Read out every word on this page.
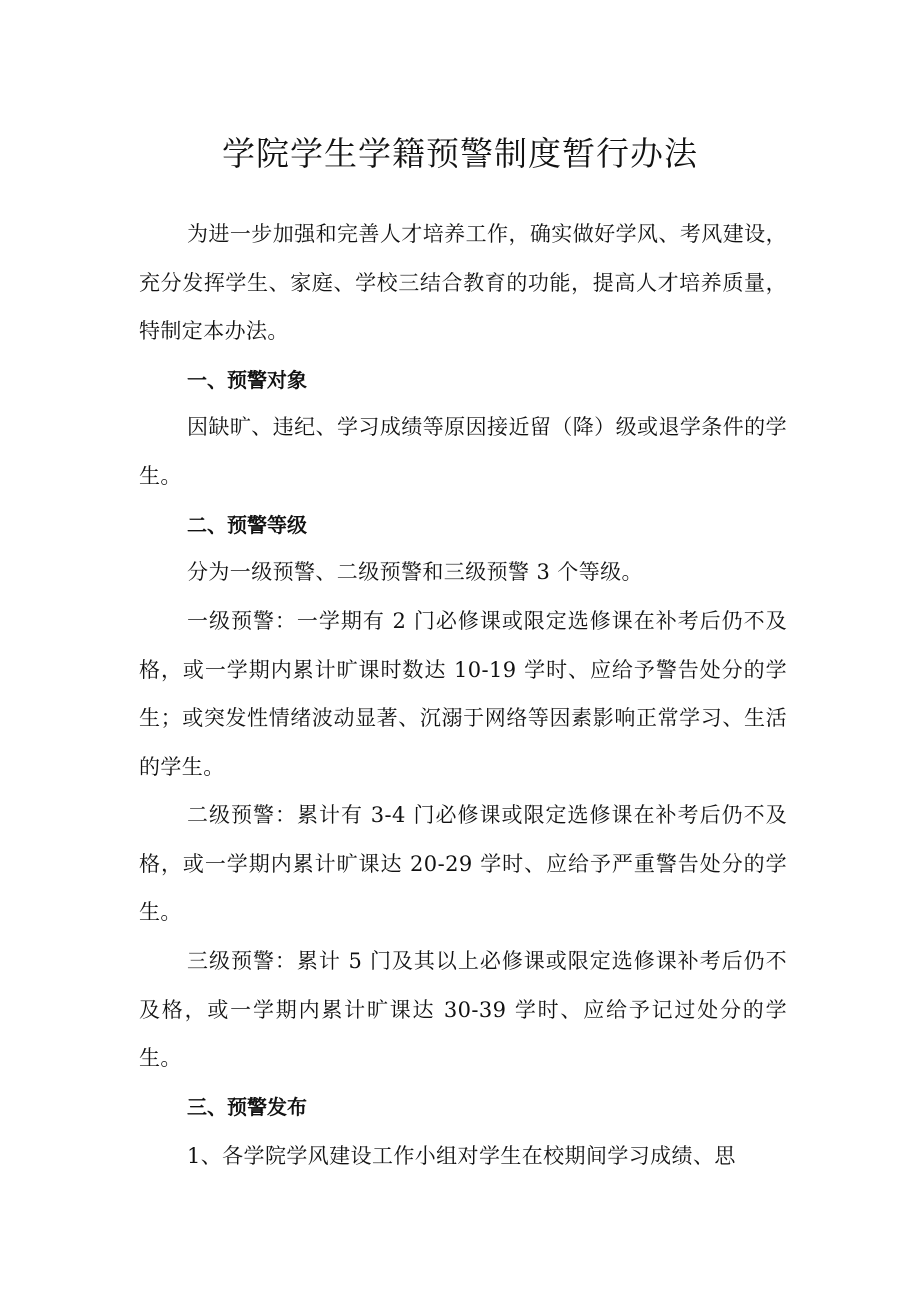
学院学生学籍预警制度暂行办法
为进一步加强和完善人才培养工作，确实做好学风、考风建设，充分发挥学生、家庭、学校三结合教育的功能，提高人才培养质量，特制定本办法。
一、预警对象
因缺旷、违纪、学习成绩等原因接近留（降）级或退学条件的学生。
二、预警等级
分为一级预警、二级预警和三级预警 3 个等级。
一级预警：一学期有 2 门必修课或限定选修课在补考后仍不及格，或一学期内累计旷课时数达 10-19 学时、应给予警告处分的学生；或突发性情绪波动显著、沉溺于网络等因素影响正常学习、生活的学生。
二级预警：累计有 3-4 门必修课或限定选修课在补考后仍不及格，或一学期内累计旷课达 20-29 学时、应给予严重警告处分的学生。
三级预警：累计 5 门及其以上必修课或限定选修课补考后仍不及格，或一学期内累计旷课达 30-39 学时、应给予记过处分的学生。
三、预警发布
1、各学院学风建设工作小组对学生在校期间学习成绩、思
